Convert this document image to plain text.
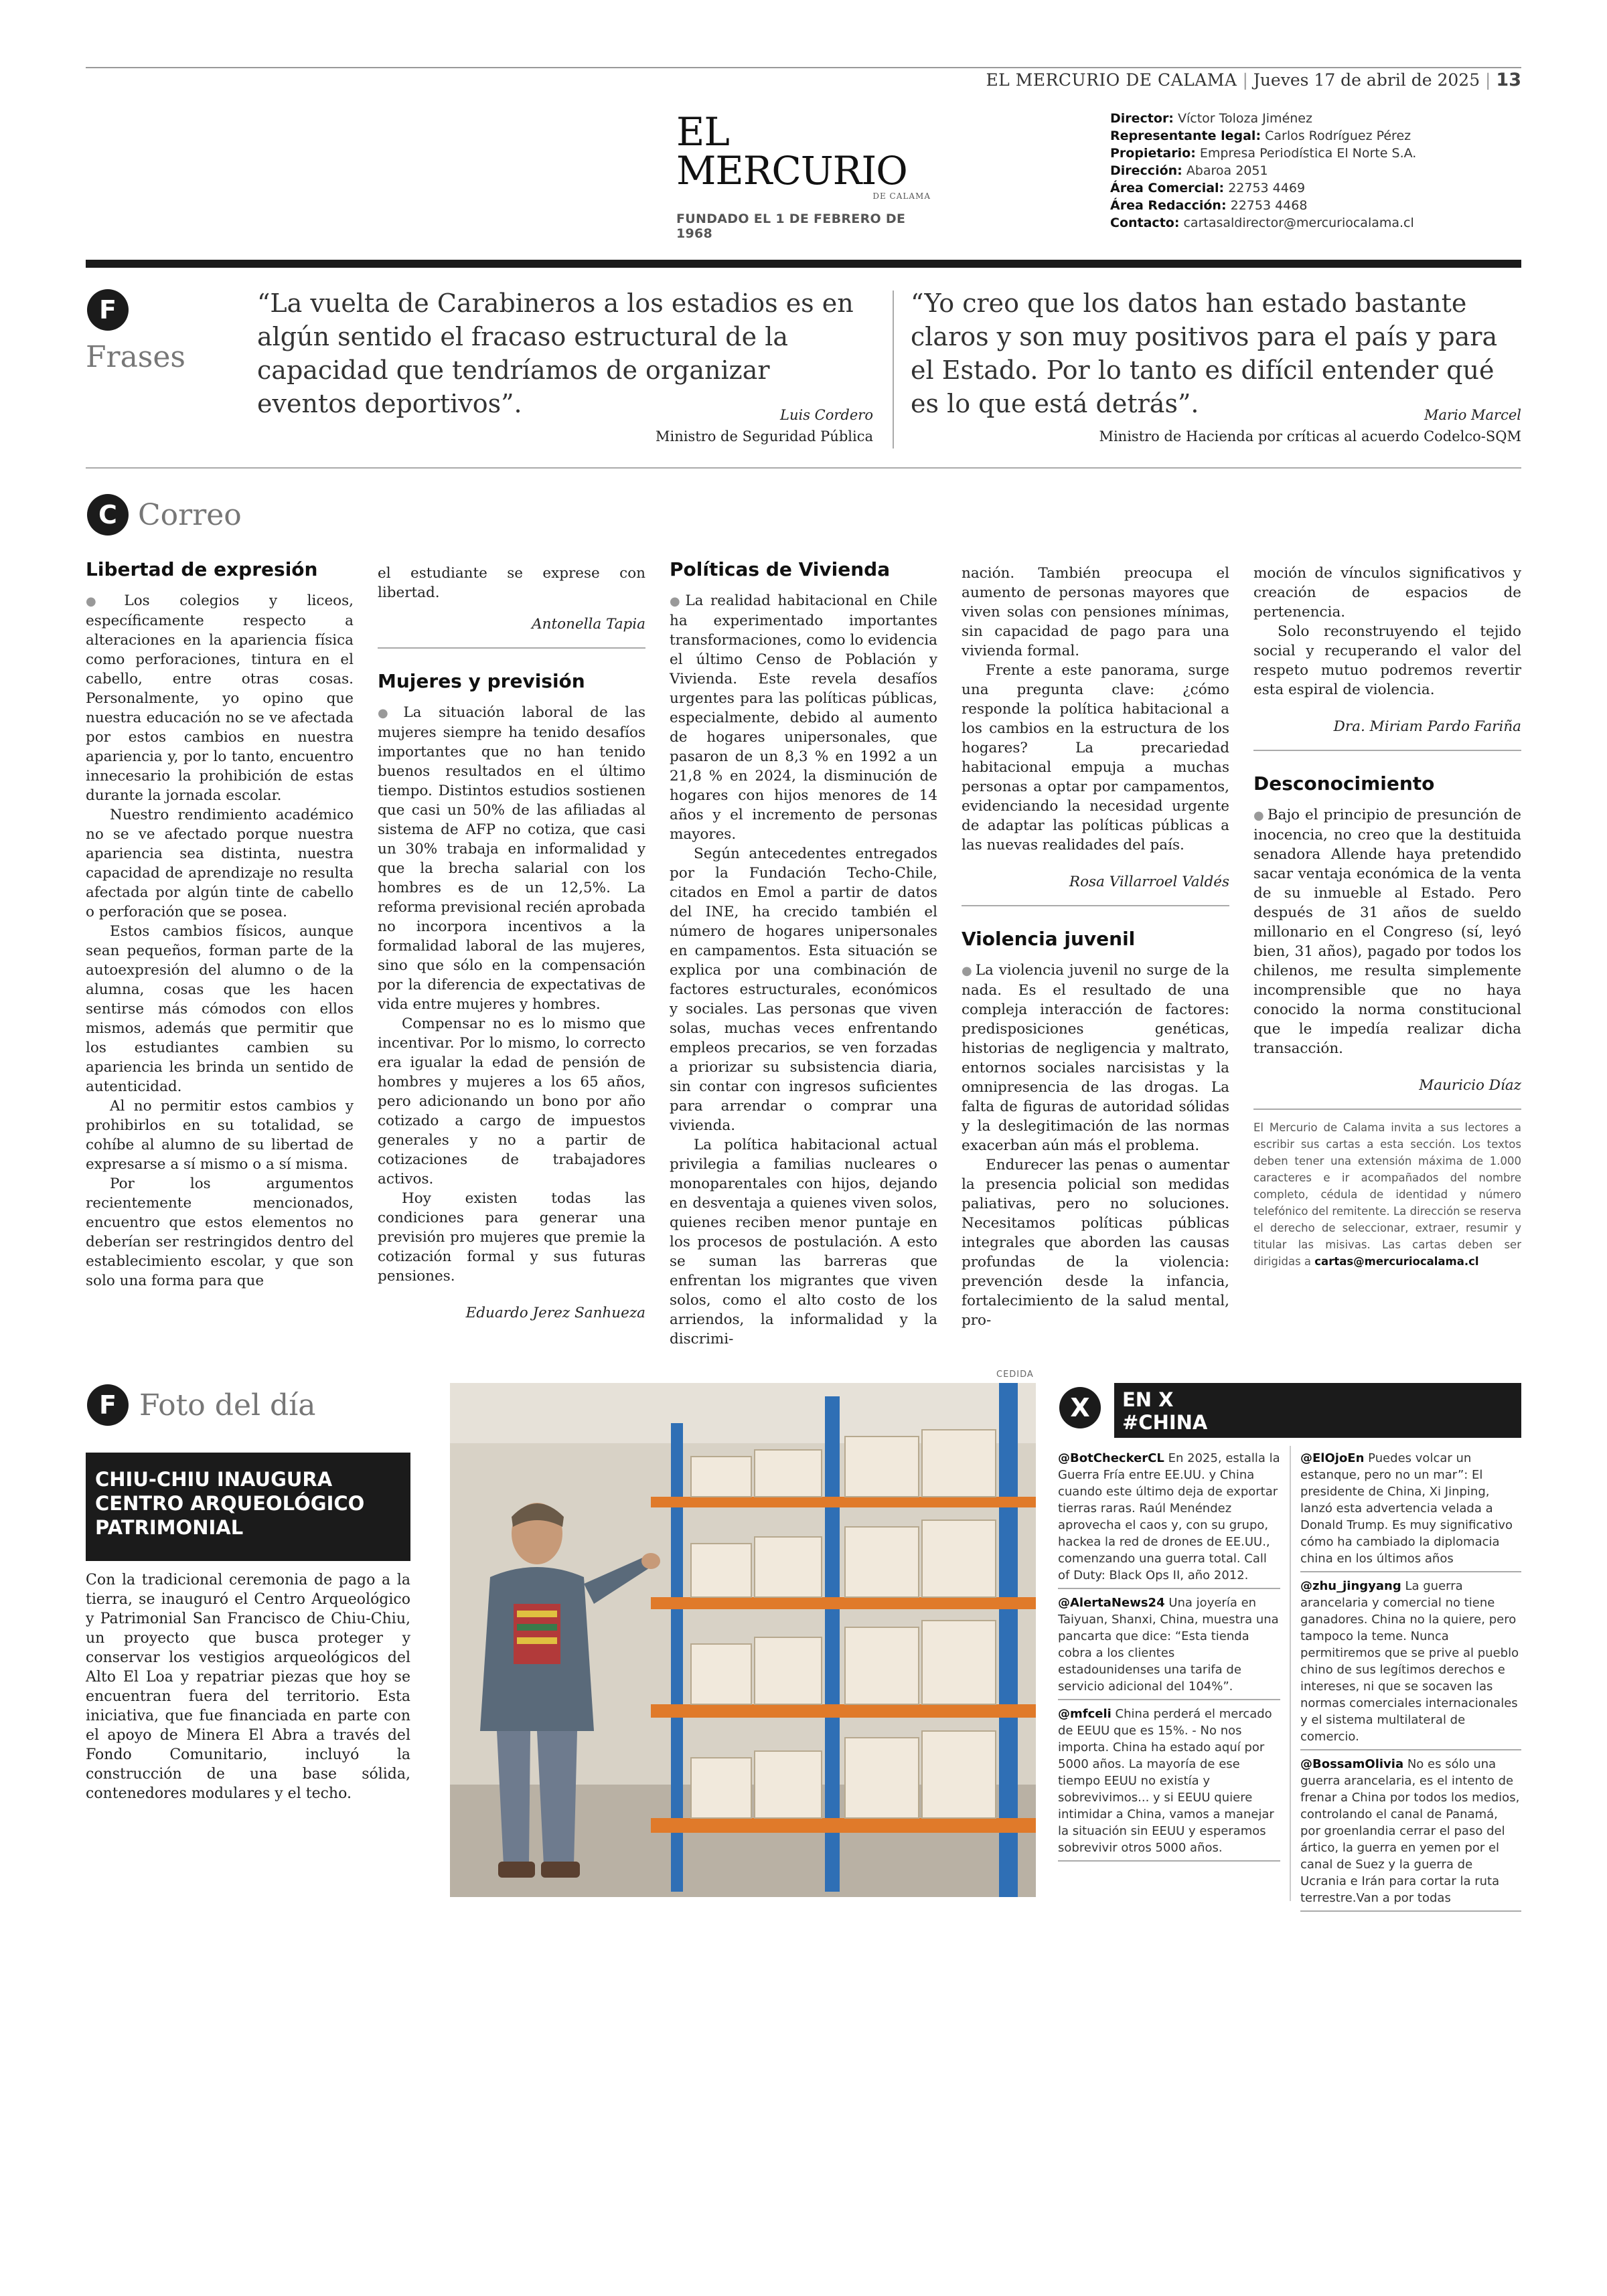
EL MERCURIO DE CALAMA | Jueves 17 de abril de 2025 | 13
EL MERCURIO
DE CALAMA
FUNDADO EL 1 DE FEBRERO DE 1968
Director: Víctor Toloza Jiménez
Representante legal: Carlos Rodríguez Pérez
Propietario: Empresa Periodística El Norte S.A.
Dirección: Abaroa 2051
Área Comercial: 22753 4469
Área Redacción: 22753 4468
Contacto: cartasaldirector@mercuriocalama.cl
F
Frases
“La vuelta de Carabineros a los estadios es en algún sentido el fracaso estructural de la capacidad que tendríamos de organizar eventos deportivos”.	Luis Cordero
Ministro de Seguridad Pública
“Yo creo que los datos han estado bastante claros y son muy positivos para el país y para el Estado. Por lo tanto es difícil entender qué es lo que está detrás”.	Mario Marcel
Ministro de Hacienda por críticas al acuerdo Codelco-SQM
C Correo
Libertad de expresión

● Los colegios y liceos, específicamente respecto a alteraciones en la apariencia física como perforaciones, tintura en el cabello, entre otras cosas. Personalmente, yo opino que nuestra educación no se ve afectada por estos cambios en nuestra apariencia y, por lo tanto, encuentro innecesario la prohibición de estas durante la jornada escolar.

Nuestro rendimiento académico no se ve afectado porque nuestra apariencia sea distinta, nuestra capacidad de aprendizaje no resulta afectada por algún tinte de cabello o perforación que se posea.

Estos cambios físicos, aunque sean pequeños, forman parte de la autoexpresión del alumno o de la alumna, cosas que les hacen sentirse más cómodos con ellos mismos, además que permitir que los estudiantes cambien su apariencia les brinda un sentido de autenticidad.

Al no permitir estos cambios y prohibirlos en su totalidad, se cohíbe al alumno de su libertad de expresarse a sí mismo o a sí misma.

Por los argumentos recientemente mencionados, encuentro que estos elementos no deberían ser restringidos dentro del establecimiento escolar, y que son solo una forma para que

el estudiante se exprese con libertad.

Antonella Tapia
Mujeres y previsión

● La situación laboral de las mujeres siempre ha tenido desafíos importantes que no han tenido buenos resultados en el último tiempo. Distintos estudios sostienen que casi un 50% de las afiliadas al sistema de AFP no cotiza, que casi un 30% trabaja en informalidad y que la brecha salarial con los hombres es de un 12,5%. La reforma previsional recién aprobada no incorpora incentivos a la formalidad laboral de las mujeres, sino que sólo en la compensación por la diferencia de expectativas de vida entre mujeres y hombres.

Compensar no es lo mismo que incentivar. Por lo mismo, lo correcto era igualar la edad de pensión de hombres y mujeres a los 65 años, pero adicionando un bono por año cotizado a cargo de impuestos generales y no a partir de cotizaciones de trabajadores activos.

Hoy existen todas las condiciones para generar una previsión pro mujeres que premie la cotización formal y sus futuras pensiones.

Eduardo Jerez Sanhueza
Políticas de Vivienda

● La realidad habitacional en Chile ha experimentado importantes transformaciones, como lo evidencia el último Censo de Población y Vivienda. Este revela desafíos urgentes para las políticas públicas, especialmente, debido al aumento de hogares unipersonales, que pasaron de un 8,3 % en 1992 a un 21,8 % en 2024, la disminución de hogares con hijos menores de 14 años y el incremento de personas mayores.

Según antecedentes entregados por la Fundación Techo-Chile, citados en Emol a partir de datos del INE, ha crecido también el número de hogares unipersonales en campamentos. Esta situación se explica por una combinación de factores estructurales, económicos y sociales. Las personas que viven solas, muchas veces enfrentando empleos precarios, se ven forzadas a priorizar su subsistencia diaria, sin contar con ingresos suficientes para arrendar o comprar una vivienda.

La política habitacional actual privilegia a familias nucleares o monoparentales con hijos, dejando en desventaja a quienes viven solos, quienes reciben menor puntaje en los procesos de postulación. A esto se suman las barreras que enfrentan los migrantes que viven solos, como el alto costo de los arriendos, la informalidad y la discrimi-

nación. También preocupa el aumento de personas mayores que viven solas con pensiones mínimas, sin capacidad de pago para una vivienda formal.

Frente a este panorama, surge una pregunta clave: ¿cómo responde la política habitacional a los cambios en la estructura de los hogares? La precariedad habitacional empuja a muchas personas a optar por campamentos, evidenciando la necesidad urgente de adaptar las políticas públicas a las nuevas realidades del país.

Rosa Villarroel Valdés
Violencia juvenil

● La violencia juvenil no surge de la nada. Es el resultado de una compleja interacción de factores: predisposiciones genéticas, historias de negligencia y maltrato, entornos sociales narcisistas y la omnipresencia de las drogas. La falta de figuras de autoridad sólidas y la deslegitimación de las normas exacerban aún más el problema.

Endurecer las penas o aumentar la presencia policial son medidas paliativas, pero no soluciones. Necesitamos políticas públicas integrales que aborden las causas profundas de la violencia: prevención desde la infancia, fortalecimiento de la salud mental, pro-

moción de vínculos significativos y creación de espacios de pertenencia.

Solo reconstruyendo el tejido social y recuperando el valor del respeto mutuo podremos revertir esta espiral de violencia.

Dra. Miriam Pardo Fariña
Desconocimiento

● Bajo el principio de presunción de inocencia, no creo que la destituida senadora Allende haya pretendido sacar ventaja económica de la venta de su inmueble al Estado. Pero después de 31 años de sueldo millonario en el Congreso (sí, leyó bien, 31 años), pagado por todos los chilenos, me resulta simplemente incomprensible que no haya conocido la norma constitucional que le impedía realizar dicha transacción.

Mauricio Díaz
El Mercurio de Calama invita a sus lectores a escribir sus cartas a esta sección. Los textos deben tener una extensión máxima de 1.000 caracteres e ir acompañados del nombre completo, cédula de identidad y número telefónico del remitente. La dirección se reserva el derecho de seleccionar, extraer, resumir y titular las misivas. Las cartas deben ser dirigidas a cartas@mercuriocalama.cl
F Foto del día
CHIU-CHIU INAUGURA CENTRO ARQUEOLÓGICO PATRIMONIAL
Con la tradicional ceremonia de pago a la tierra, se inauguró el Centro Arqueológico y Patrimonial San Francisco de Chiu-Chiu, un proyecto que busca proteger y conservar los vestigios arqueológicos del Alto El Loa y repatriar piezas que hoy se encuentran fuera del territorio. Esta iniciativa, que fue financiada en parte con el apoyo de Minera El Abra a través del Fondo Comunitario, incluyó la construcción de una base sólida, contenedores modulares y el techo.
CEDIDA
X	EN X
#CHINA
@BotCheckerCL En 2025, estalla la Guerra Fría entre EE.UU. y China cuando este último deja de exportar tierras raras. Raúl Menéndez aprovecha el caos y, con su grupo, hackea la red de drones de EE.UU., comenzando una guerra total. Call of Duty: Black Ops II, año 2012.
@AlertaNews24 Una joyería en Taiyuan, Shanxi, China, muestra una pancarta que dice: “Esta tienda cobra a los clientes estadounidenses una tarifa de servicio adicional del 104%”.
@mfceli China perderá el mercado de EEUU que es 15%. - No nos importa. China ha estado aquí por 5000 años. La mayoría de ese tiempo EEUU no existía y sobrevivimos... y si EEUU quiere intimidar a China, vamos a manejar la situación sin EEUU y esperamos sobrevivir otros 5000 años.
@ElOjoEn Puedes volcar un estanque, pero no un mar”: El presidente de China, Xi Jinping, lanzó esta advertencia velada a Donald Trump. Es muy significativo cómo ha cambiado la diplomacia china en los últimos años
@zhu_jingyang La guerra arancelaria y comercial no tiene ganadores. China no la quiere, pero tampoco la teme. Nunca permitiremos que se prive al pueblo chino de sus legítimos derechos e intereses, ni que se socaven las normas comerciales internacionales y el sistema multilateral de comercio.
@BossamOlivia No es sólo una guerra arancelaria, es el intento de frenar a China por todos los medios, controlando el canal de Panamá, por groenlandia cerrar el paso del ártico, la guerra en yemen por el canal de Suez y la guerra de Ucrania e Irán para cortar la ruta terrestre.Van a por todas
